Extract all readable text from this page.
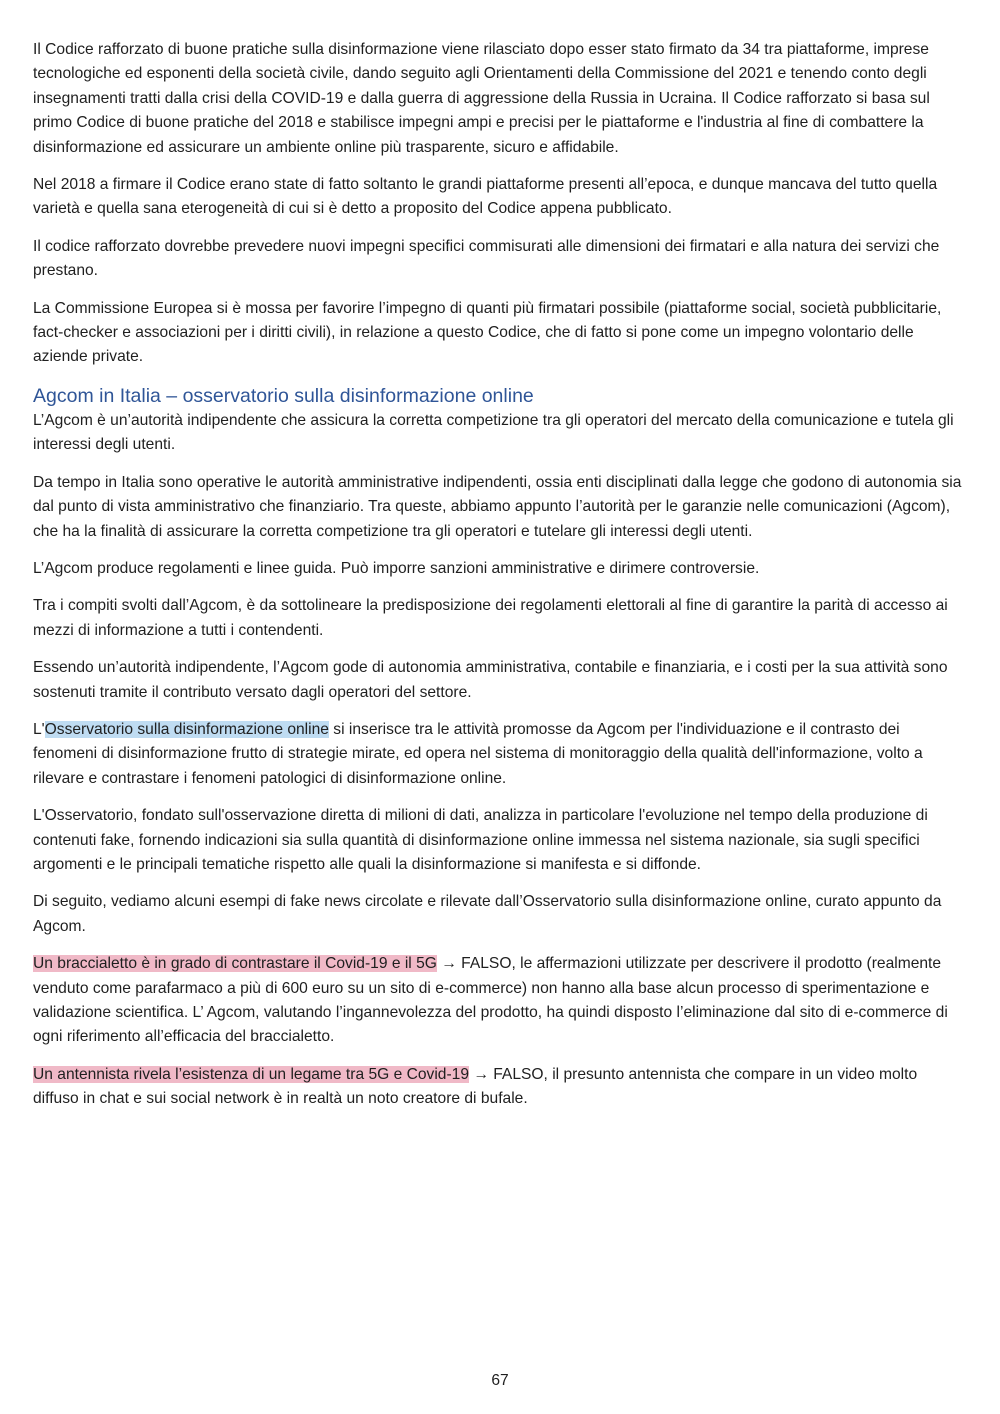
Il Codice rafforzato di buone pratiche sulla disinformazione viene rilasciato dopo esser stato firmato da 34 tra piattaforme, imprese tecnologiche ed esponenti della società civile, dando seguito agli Orientamenti della Commissione del 2021 e tenendo conto degli insegnamenti tratti dalla crisi della COVID-19 e dalla guerra di aggressione della Russia in Ucraina. Il Codice rafforzato si basa sul primo Codice di buone pratiche del 2018 e stabilisce impegni ampi e precisi per le piattaforme e l'industria al fine di combattere la disinformazione ed assicurare un ambiente online più trasparente, sicuro e affidabile.

Nel 2018 a firmare il Codice erano state di fatto soltanto le grandi piattaforme presenti all’epoca, e dunque mancava del tutto quella varietà e quella sana eterogeneità di cui si è detto a proposito del Codice appena pubblicato.

Il codice rafforzato dovrebbe prevedere nuovi impegni specifici commisurati alle dimensioni dei firmatari e alla natura dei servizi che prestano.

La Commissione Europea si è mossa per favorire l’impegno di quanti più firmatari possibile (piattaforme social, società pubblicitarie, fact-checker e associazioni per i diritti civili), in relazione a questo Codice, che di fatto si pone come un impegno volontario delle aziende private.

Agcom in Italia – osservatorio sulla disinformazione online

L’Agcom è un’autorità indipendente che assicura la corretta competizione tra gli operatori del mercato della comunicazione e tutela gli interessi degli utenti.

Da tempo in Italia sono operative le autorità amministrative indipendenti, ossia enti disciplinati dalla legge che godono di autonomia sia dal punto di vista amministrativo che finanziario. Tra queste, abbiamo appunto l’autorità per le garanzie nelle comunicazioni (Agcom), che ha la finalità di assicurare la corretta competizione tra gli operatori e tutelare gli interessi degli utenti.

L’Agcom produce regolamenti e linee guida. Può imporre sanzioni amministrative e dirimere controversie.

Tra i compiti svolti dall’Agcom, è da sottolineare la predisposizione dei regolamenti elettorali al fine di garantire la parità di accesso ai mezzi di informazione a tutti i contendenti.

Essendo un’autorità indipendente, l’Agcom gode di autonomia amministrativa, contabile e finanziaria, e i costi per la sua attività sono sostenuti tramite il contributo versato dagli operatori del settore.

L'Osservatorio sulla disinformazione online si inserisce tra le attività promosse da Agcom per l'individuazione e il contrasto dei fenomeni di disinformazione frutto di strategie mirate, ed opera nel sistema di monitoraggio della qualità dell'informazione, volto a rilevare e contrastare i fenomeni patologici di disinformazione online.

L'Osservatorio, fondato sull'osservazione diretta di milioni di dati, analizza in particolare l'evoluzione nel tempo della produzione di contenuti fake, fornendo indicazioni sia sulla quantità di disinformazione online immessa nel sistema nazionale, sia sugli specifici argomenti e le principali tematiche rispetto alle quali la disinformazione si manifesta e si diffonde.

Di seguito, vediamo alcuni esempi di fake news circolate e rilevate dall’Osservatorio sulla disinformazione online, curato appunto da Agcom.

Un braccialetto è in grado di contrastare il Covid-19 e il 5G → FALSO, le affermazioni utilizzate per descrivere il prodotto (realmente venduto come parafarmaco a più di 600 euro su un sito di e-commerce) non hanno alla base alcun processo di sperimentazione e validazione scientifica. L’ Agcom, valutando l’ingannevolezza del prodotto, ha quindi disposto l’eliminazione dal sito di e-commerce di ogni riferimento all’efficacia del braccialetto.

Un antennista rivela l’esistenza di un legame tra 5G e Covid-19 → FALSO, il presunto antennista che compare in un video molto diffuso in chat e sui social network è in realtà un noto creatore di bufale.

67
